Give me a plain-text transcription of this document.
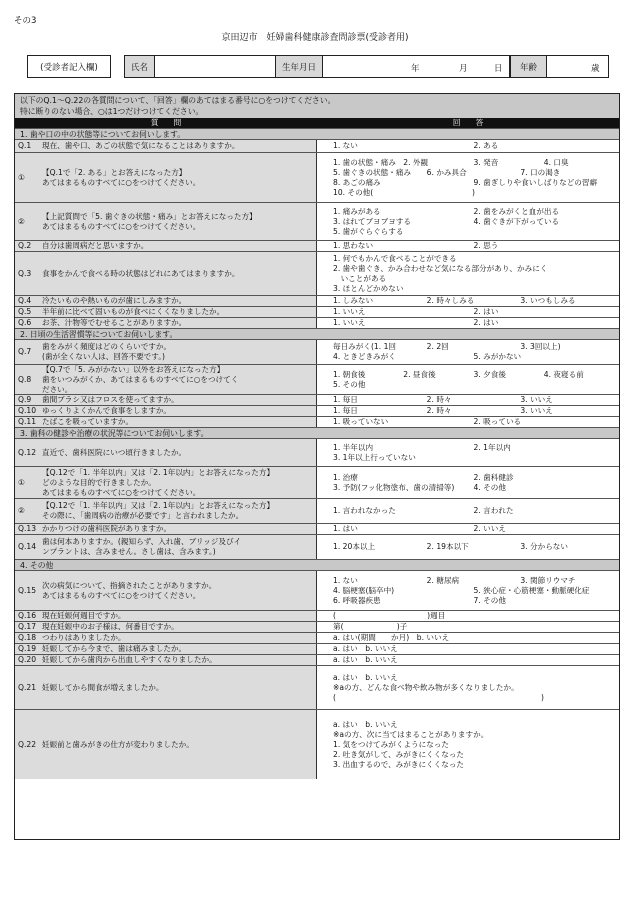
その3
京田辺市　妊婦歯科健康診査問診票(受診者用)
(受診者記入欄)	氏名	生年月日	年	月	日 年齢	歳
以下のQ.1〜Q.22の各質問について、「回答」欄のあてはまる番号に○をつけてください。
特に断りのない場合、○は1つだけつけてください。
質　　問	回　　答
1. 歯や口の中の状態等についてお伺いします。
Q.1	現在、歯や口、あごの状態で気になることはありますか。	1. ない	2. ある
①
【Q.1で「2. ある」とお答えになった方】
あてはまるものすべてに○をつけてください。
1. 歯の状態・痛み 2. 外観	3. 発音	4. 口臭
5. 歯ぐきの状態・痛み	6. かみ具合	7. 口の渇き
8. あごの痛み	9. 歯ぎしりや食いしばりなどの習癖
10. その他(　　　　　　　　　　　　　)
②
【上記質問で「5. 歯ぐきの状態・痛み」とお答えになった方】
あてはまるものすべてに○をつけてください。
1. 痛みがある	2. 歯をみがくと血が出る
3. はれてブヨブヨする	4. 歯ぐきが下がっている
5. 歯がぐらぐらする
Q.2	自分は歯周病だと思いますか。	1. 思わない	2. 思う
Q.3	食事をかんで食べる時の状態はどれにあてはまりますか。
1. 何でもかんで食べることができる
2. 歯や歯ぐき、かみ合わせなど気になる部分があり、かみにく
　いことがある
3. ほとんどかめない
Q.4	冷たいものや熱いものが歯にしみますか。	1. しみない	2. 時々しみる	3. いつもしみる
Q.5	半年前に比べて固いものが食べにくくなりましたか。	1. いいえ	2. はい
Q.6	お茶、汁物等でむせることがありますか。	1. いいえ	2. はい
2. 日頃の生活習慣等についてお伺いします。
Q.7
歯をみがく頻度はどのくらいですか。
(歯が全くない人は、回答不要です。)
毎日みがく(1. 1回	2. 2回	3. 3回以上)
4. ときどきみがく	5. みがかない
Q.8
【Q.7で「5. みがかない」以外をお答えになった方】
歯をいつみがくか、あてはまるものすべてに○をつけてく
ださい。
1. 朝食後	2. 昼食後	3. 夕食後	4. 夜寝る前
5. その他
Q.9	歯間ブラシ又はフロスを使ってますか。	1. 毎日	2. 時々	3. いいえ
Q.10 ゆっくりよくかんで食事をしますか。	1. 毎日	2. 時々	3. いいえ
Q.11 たばこを吸っていますか。	1. 吸っていない	2. 吸っている
3. 歯科の健診や治療の状況等についてお伺いします。
Q.12 直近で、歯科医院にいつ頃行きましたか。
1. 半年以内	2. 1年以内
3. 1年以上行っていない
①
【Q.12で「1. 半年以内」又は「2. 1年以内」とお答えになった方】
どのような目的で行きましたか。
あてはまるものすべてに○をつけてください。
1. 治療	2. 歯科健診
3. 予防(フッ化物塗布、歯の清掃等)	4. その他
②
【Q.12で「1. 半年以内」又は「2. 1年以内」とお答えになった方】
その際に、「歯周病の治療が必要です」と言われましたか。
1. 言われなかった	2. 言われた
Q.13 かかりつけの歯科医院がありますか。	1. はい	2. いいえ
Q.14
歯は何本ありますか。(親知らず、入れ歯、ブリッジ及びイ
ンプラントは、含みません。さし歯は、含みます。)
1. 20本以上	2. 19本以下	3. 分からない
4. その他
Q.15
次の病気について、指摘されたことがありますか。
あてはまるものすべてに○をつけてください。
1. ない	2. 糖尿病	3. 関節リウマチ
4. 脳梗塞(脳卒中)	5. 狭心症・心筋梗塞・動脈硬化症
6. 呼吸器疾患	7. その他
Q.16 現在妊娠何週目ですか。	(　　　　　　　　　　　　)週目
Q.17 現在妊娠中のお子様は、何番目ですか。	第(　　　　　　　)子
Q.18 つわりはありましたか。	a. はい(期間　　か月)　b. いいえ
Q.19 妊娠してから今まで、歯は痛みましたか。	a. はい　b. いいえ
Q.20 妊娠してから歯肉から出血しやすくなりましたか。	a. はい　b. いいえ
Q.21 妊娠してから間食が増えましたか。
a. はい　b. いいえ
※aの方、どんな食べ物や飲み物が多くなりましたか。
(　　　　　　　　　　　　　　　　　　　　　　　　　　　)
Q.22 妊娠前と歯みがきの仕方が変わりましたか。
a. はい　b. いいえ
※aの方、次に当てはまることがありますか。
1. 気をつけてみがくようになった
2. 吐き気がして、みがきにくくなった
3. 出血するので、みがきにくくなった
